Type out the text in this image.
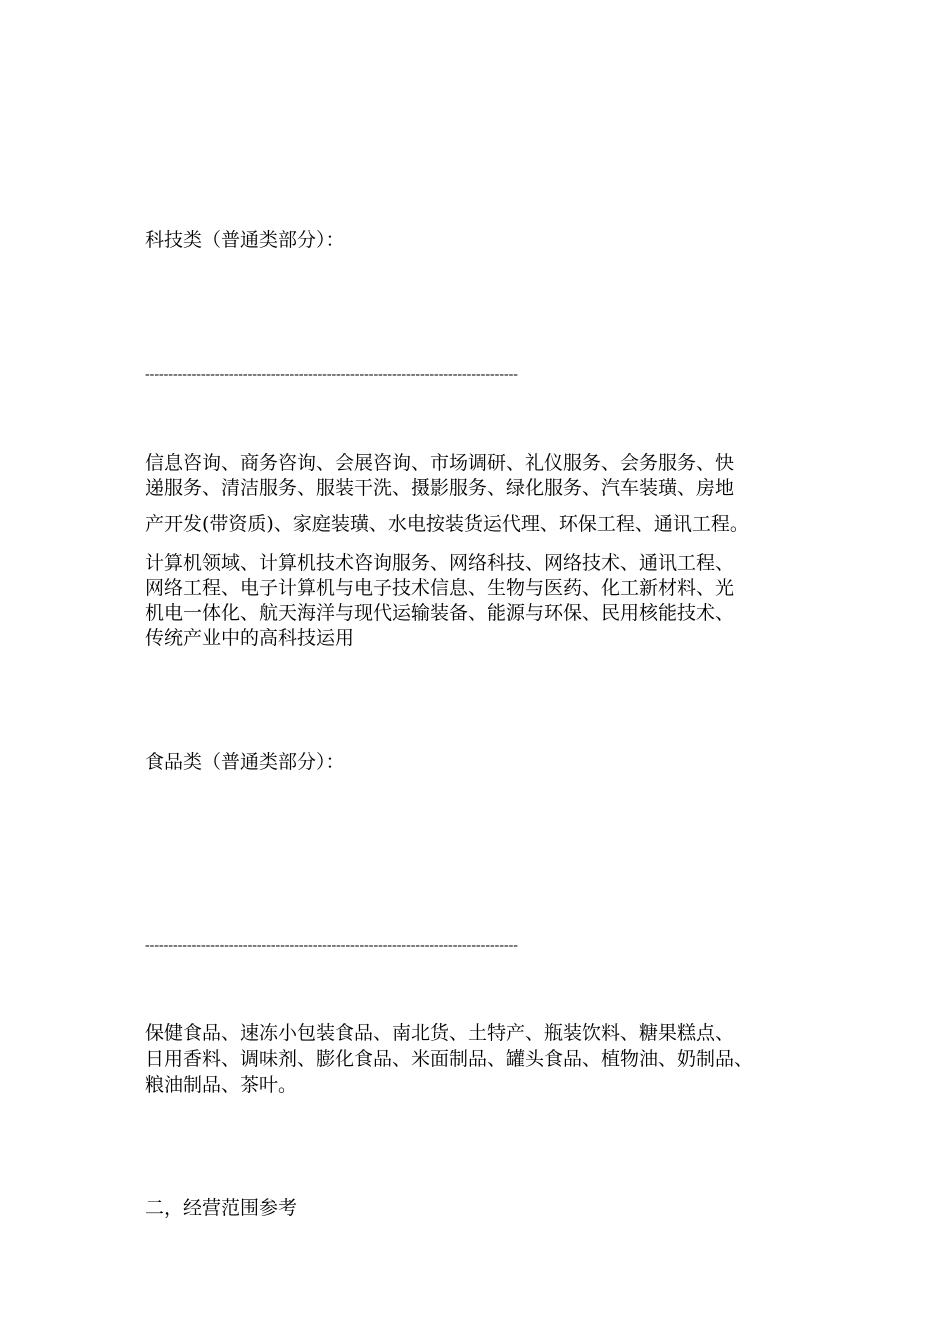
科技类（普通类部分）：
--------------------------------------------------------------------------------
信息咨询、商务咨询、会展咨询、市场调研、礼仪服务、会务服务、快
递服务、清洁服务、服装干洗、摄影服务、绿化服务、汽车装璜、房地
产开发(带资质)、家庭装璜、水电按装货运代理、环保工程、通讯工程。
计算机领域、计算机技术咨询服务、网络科技、网络技术、通讯工程、
网络工程、电子计算机与电子技术信息、生物与医药、化工新材料、光
机电一体化、航天海洋与现代运输装备、能源与环保、民用核能技术、
传统产业中的高科技运用
食品类（普通类部分）：
--------------------------------------------------------------------------------
保健食品、速冻小包装食品、南北货、土特产、瓶装饮料、糖果糕点、
日用香料、调味剂、膨化食品、米面制品、罐头食品、植物油、奶制品、
粮油制品、茶叶。
二，经营范围参考
